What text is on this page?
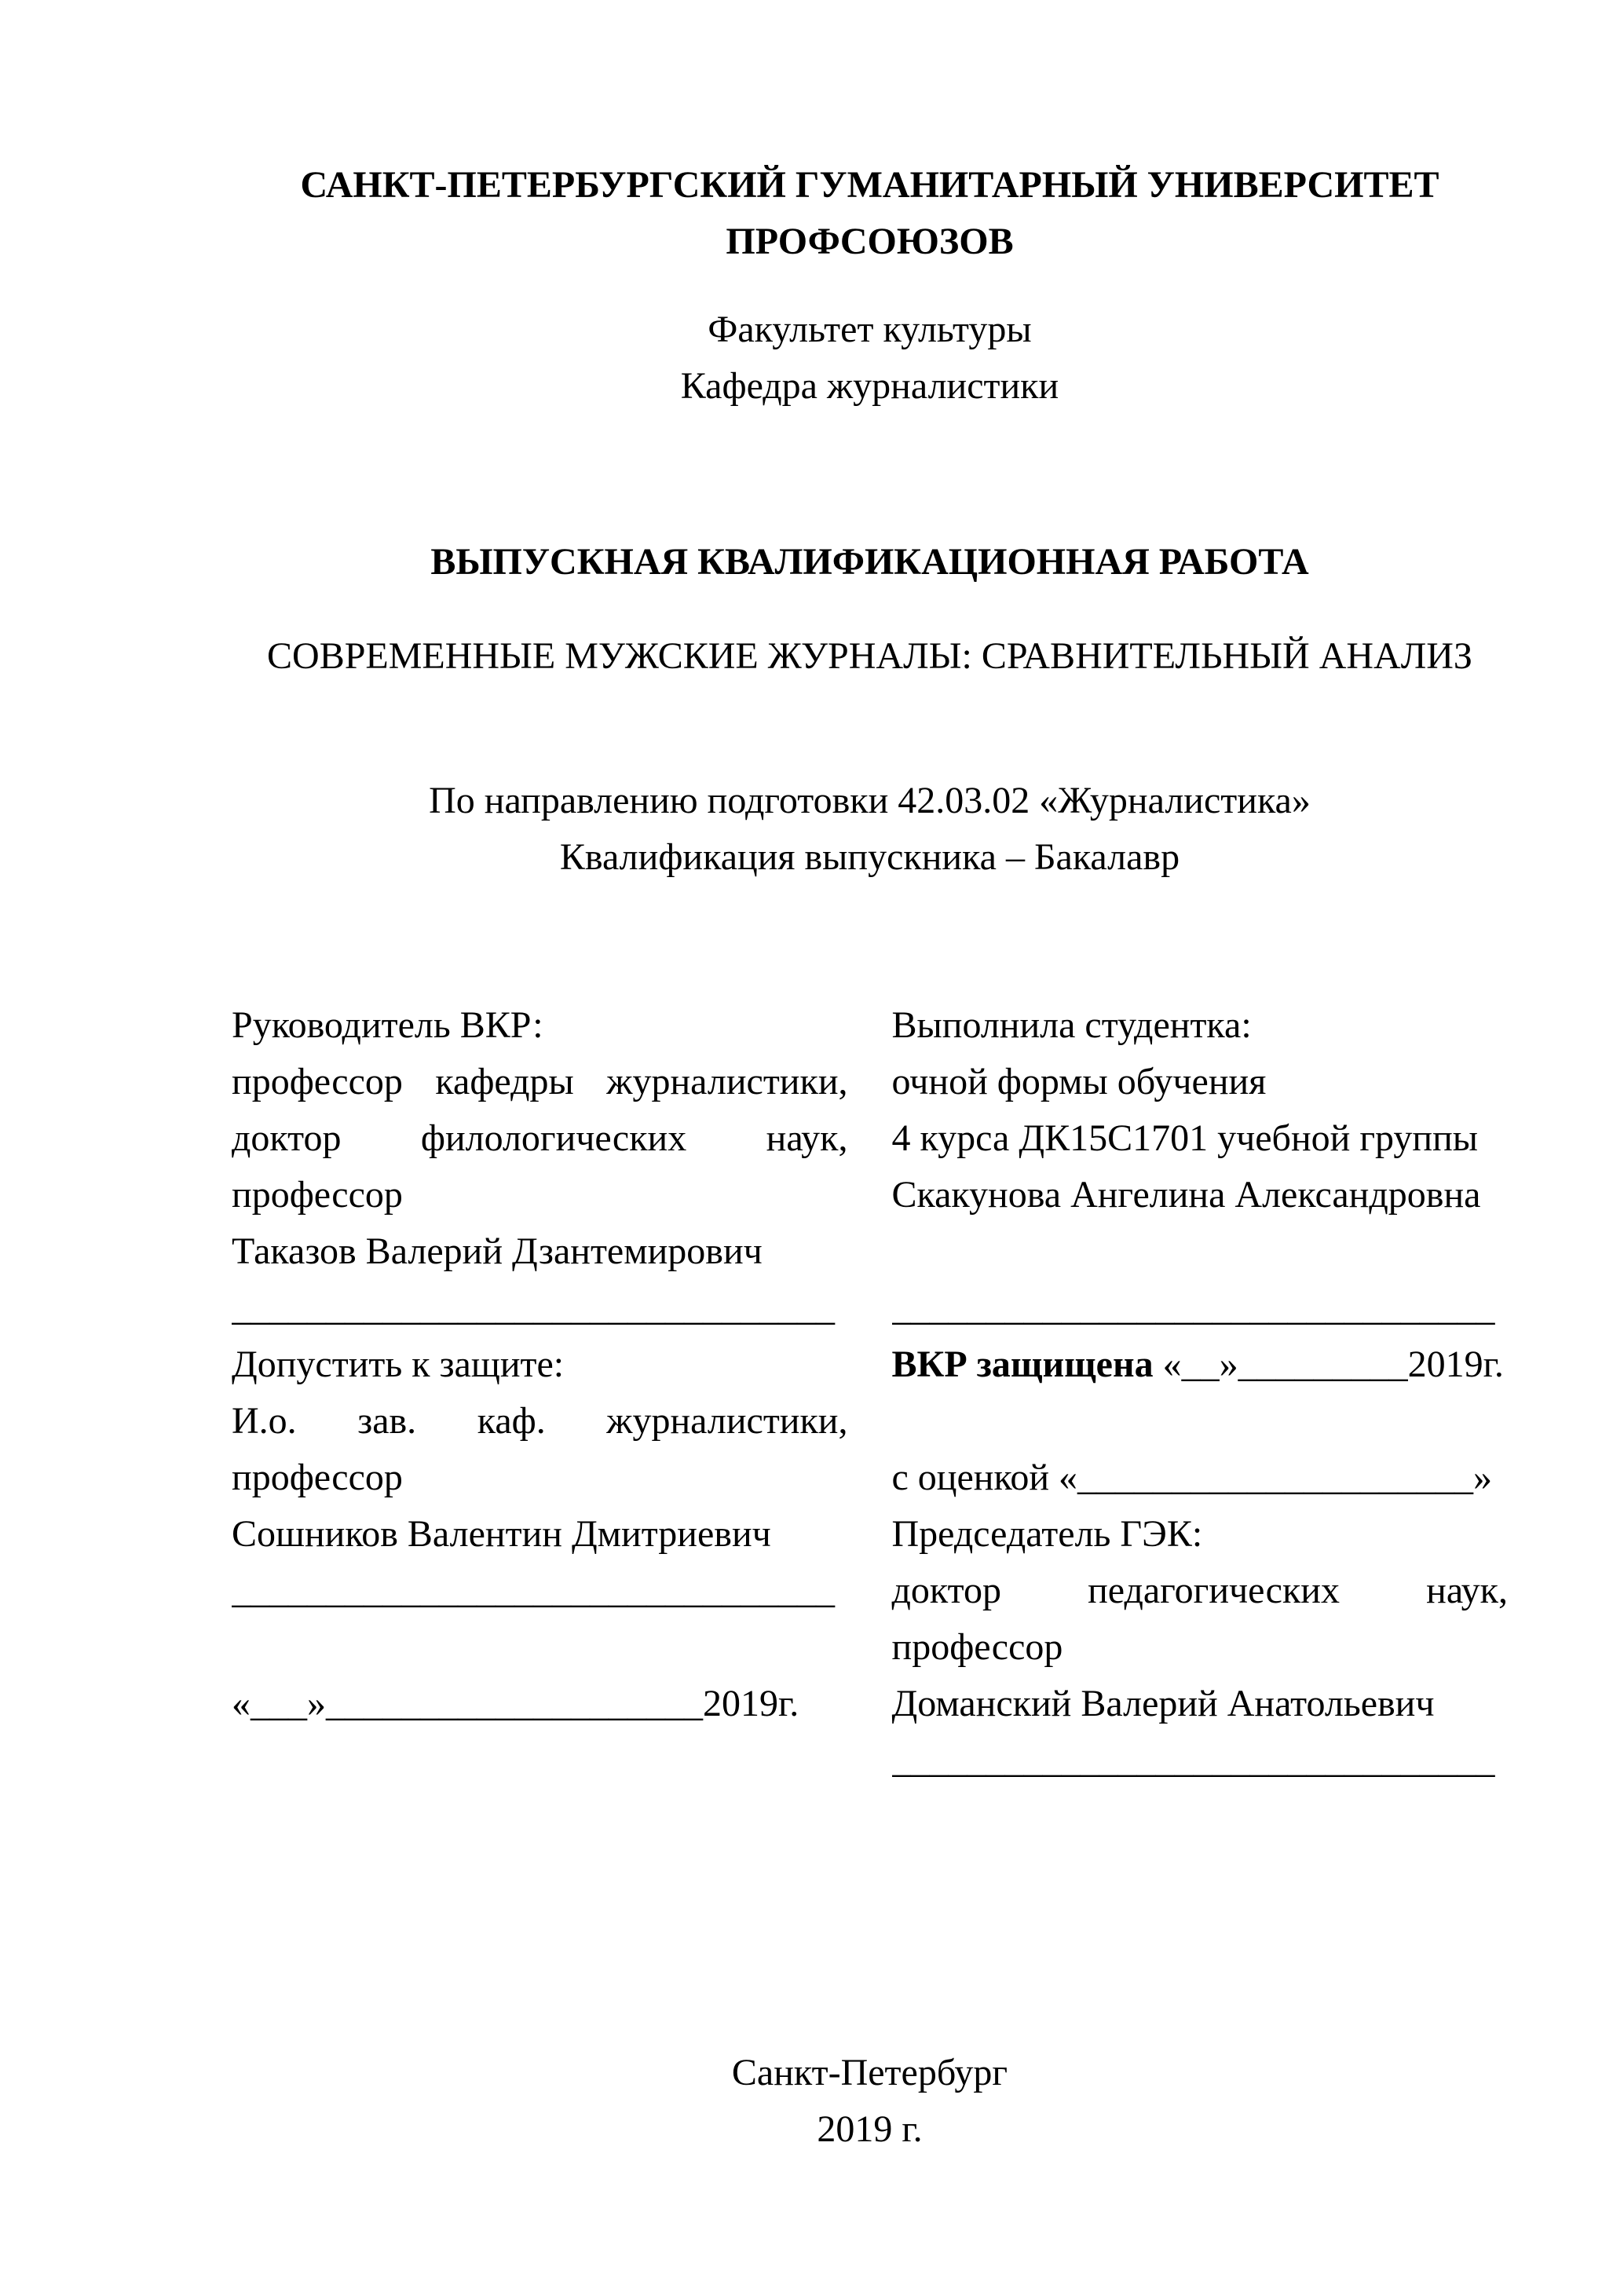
САНКТ-ПЕТЕРБУРГСКИЙ ГУМАНИТАРНЫЙ УНИВЕРСИТЕТ
ПРОФСОЮЗОВ
Факультет культуры
Кафедра журналистики
ВЫПУСКНАЯ КВАЛИФИКАЦИОННАЯ РАБОТА
СОВРЕМЕННЫЕ МУЖСКИЕ ЖУРНАЛЫ: СРАВНИТЕЛЬНЫЙ АНАЛИЗ
По направлению подготовки 42.03.02 «Журналистика»
Квалификация выпускника – Бакалавр
Руководитель ВКР:
профессор кафедры журналистики,
доктор филологических наук,
профессор
Таказов Валерий Дзантемирович
________________________________
Допустить к защите:
И.о. зав. каф. журналистики,
профессор
Сошников Валентин Дмитриевич
________________________________

«___»____________________2019г.
Выполнила студентка:
очной формы обучения
4 курса ДК15С1701 учебной группы
Скакунова Ангелина Александровна

________________________________
ВКР защищена «__»_________2019г.

с оценкой «_____________________»
Председатель ГЭК:
доктор педагогических наук,
профессор
Доманский Валерий Анатольевич
________________________________
Санкт-Петербург
2019 г.
